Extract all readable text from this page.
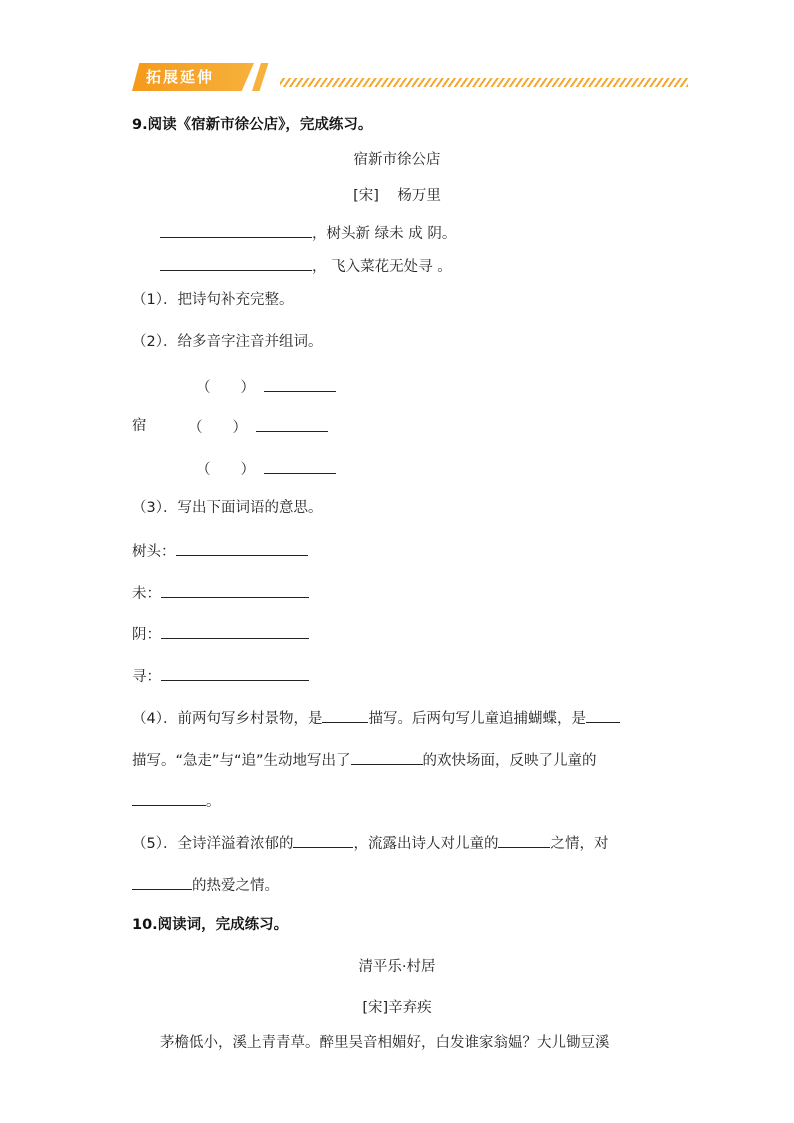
拓展延伸
9.阅读《宿新市徐公店》，完成练习。
宿新市徐公店
[宋] 杨万里
，树头新 绿未 成 阴。
， 飞入菜花无处寻 。
（1）．把诗句补充完整。
（2）．给多音字注音并组词。
（ ）
宿	（ ）
（ ）
（3）．写出下面词语的意思。
树头：
未：
阴：
寻：
（4）．前两句写乡村景物，是	描写。后两句写儿童追捕蝴蝶，是
描写。“急走”与“追”生动地写出了	的欢快场面，反映了儿童的
。
（5）．全诗洋溢着浓郁的	，流露出诗人对儿童的	之情，对
的热爱之情。
10.阅读词，完成练习。
清平乐·村居
[宋]辛弃疾
茅檐低小，溪上青青草。醉里吴音相媚好，白发谁家翁媪？大儿锄豆溪
